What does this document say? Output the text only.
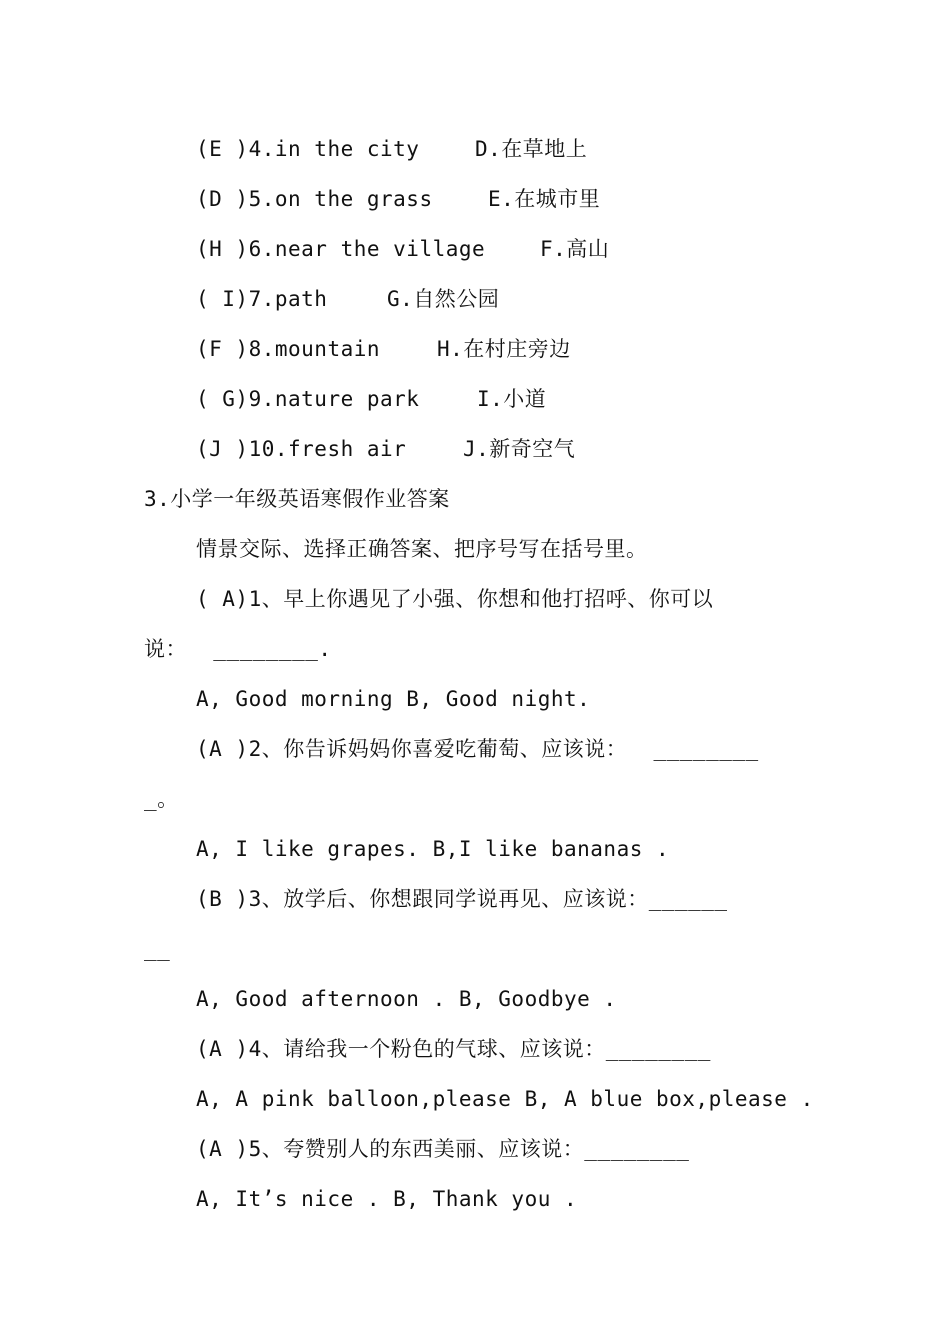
(E )4.in the city	D.在草地上
(D )5.on the grass	E.在城市里
(H )6.near the village	F.高山
( I)7.path	G.自然公园
(F )8.mountain	H.在村庄旁边
( G)9.nature park	I.小道
(J )10.fresh air	J.新奇空气
3.小学一年级英语寒假作业答案
情景交际、选择正确答案、把序号写在括号里。
( A)1、早上你遇见了小强、你想和他打招呼、你可以
说：  ________.
A, Good morning B, Good night.
(A )2、你告诉妈妈你喜爱吃葡萄、应该说：  ________
_。
A, I like grapes. B,I like bananas .
(B )3、放学后、你想跟同学说再见、应该说：______
__
A, Good afternoon . B, Goodbye .
(A )4、请给我一个粉色的气球、应该说：________
A, A pink balloon,please B, A blue box,please .
(A )5、夸赞别人的东西美丽、应该说：________
A, It’s nice . B, Thank you .
